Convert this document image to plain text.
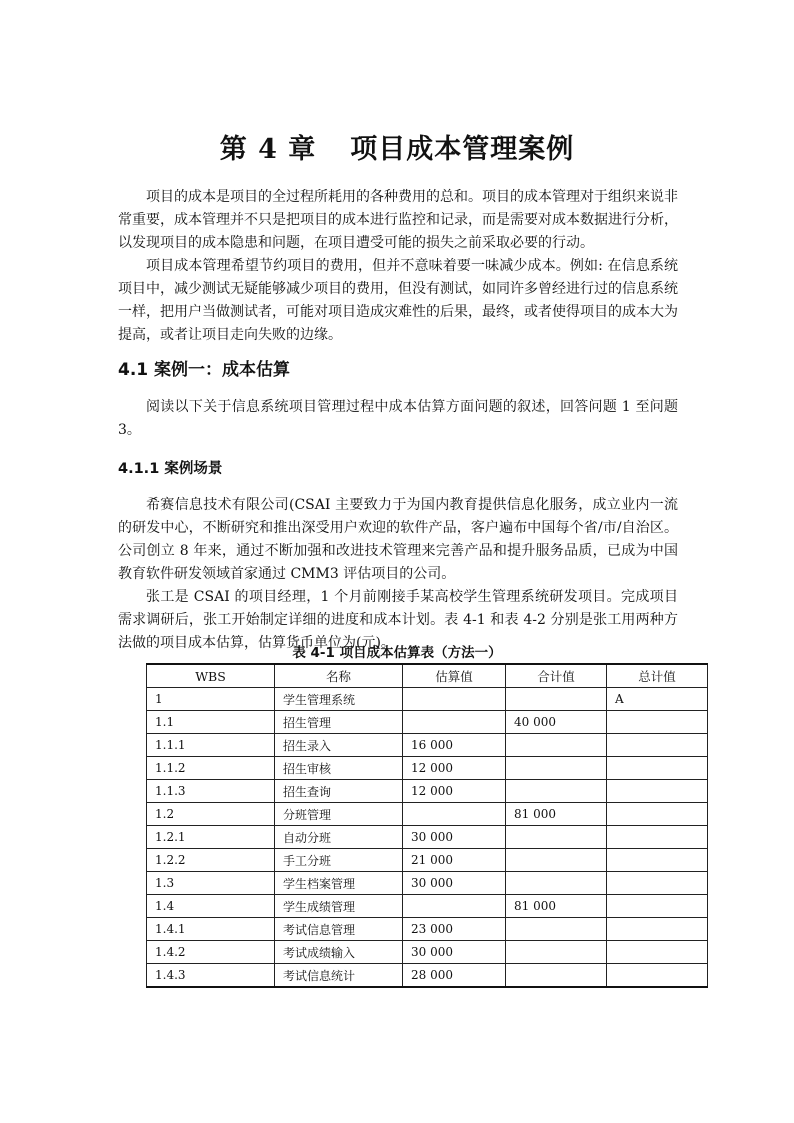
第 4 章 项目成本管理案例

项目的成本是项目的全过程所耗用的各种费用的总和。项目的成本管理对于组织来说非常重要，成本管理并不只是把项目的成本进行监控和记录，而是需要对成本数据进行分析，以发现项目的成本隐患和问题，在项目遭受可能的损失之前采取必要的行动。

项目成本管理希望节约项目的费用，但并不意味着要一味减少成本。例如: 在信息系统项目中，减少测试无疑能够减少项目的费用，但没有测试，如同许多曾经进行过的信息系统一样，把用户当做测试者，可能对项目造成灾难性的后果，最终，或者使得项目的成本大为提高，或者让项目走向失败的边缘。

4.1 案例一：成本估算

阅读以下关于信息系统项目管理过程中成本估算方面问题的叙述，回答问题 1 至问题 3。

4.1.1 案例场景

希赛信息技术有限公司(CSAI 主要致力于为国内教育提供信息化服务，成立业内一流的研发中心，不断研究和推出深受用户欢迎的软件产品，客户遍布中国每个省/市/自治区。公司创立 8 年来，通过不断加强和改进技术管理来完善产品和提升服务品质，已成为中国教育软件研发领域首家通过 CMM3 评估项目的公司。

张工是 CSAI 的项目经理，1 个月前刚接手某高校学生管理系统研发项目。完成项目需求调研后，张工开始制定详细的进度和成本计划。表 4-1 和表 4-2 分别是张工用两种方法做的项目成本估算，估算货币单位为(元)。

表 4-1 项目成本估算表（方法一）
WBS	名称	估算值	合计值	总计值
1	学生管理系统			A
1.1	招生管理		40 000	
1.1.1	招生录入	16 000		
1.1.2	招生审核	12 000		
1.1.3	招生查询	12 000		
1.2	分班管理		81 000	
1.2.1	自动分班	30 000		
1.2.2	手工分班	21 000		
1.3	学生档案管理	30 000		
1.4	学生成绩管理		81 000	
1.4.1	考试信息管理	23 000		
1.4.2	考试成绩输入	30 000		
1.4.3	考试信息统计	28 000		
